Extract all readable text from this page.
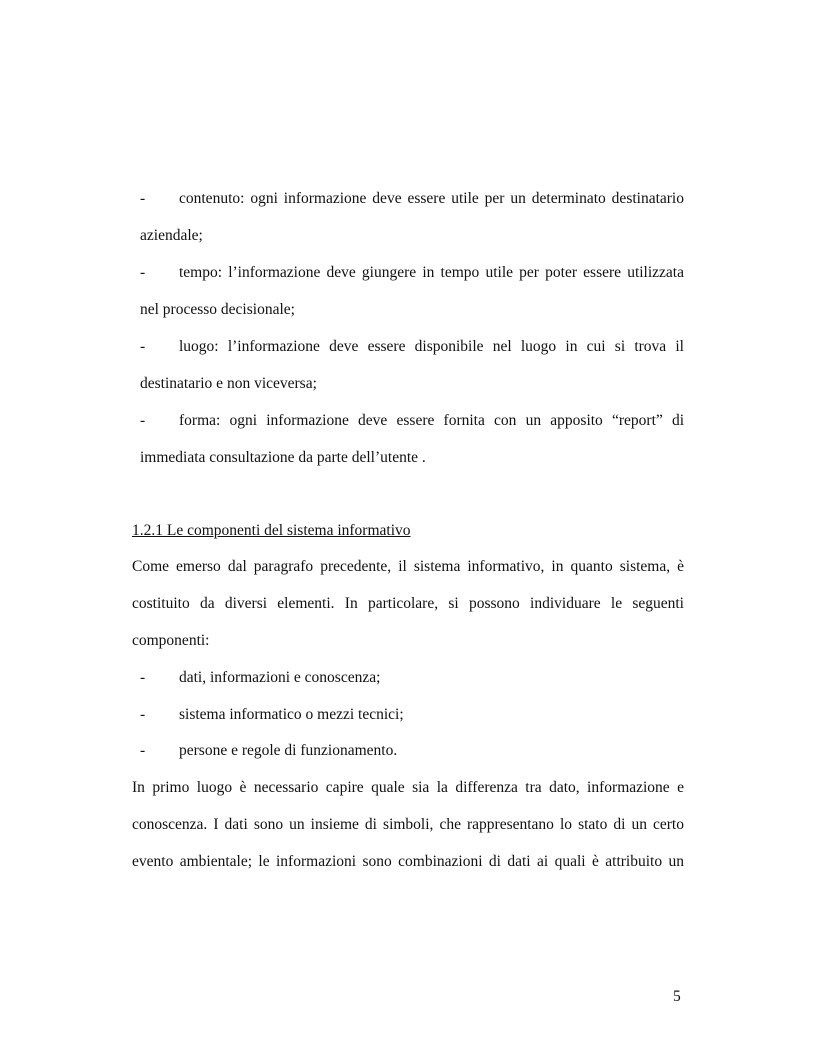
-	contenuto: ogni informazione deve essere utile per un determinato destinatario
aziendale;
-	tempo: l’informazione deve giungere in tempo utile per poter essere utilizzata
nel processo decisionale;
-	luogo: l’informazione deve essere disponibile nel luogo in cui si trova il
destinatario e non viceversa;
-	forma: ogni informazione deve essere fornita con un apposito “report” di
immediata consultazione da parte dell’utente .
1.2.1 Le componenti del sistema informativo
Come emerso dal paragrafo precedente, il sistema informativo, in quanto sistema, è
costituito da diversi elementi. In particolare, si possono individuare le seguenti
componenti:
- dati, informazioni e conoscenza;
- sistema informatico o mezzi tecnici;
- persone e regole di funzionamento.
In primo luogo è necessario capire quale sia la differenza tra dato, informazione e
conoscenza. I dati sono un insieme di simboli, che rappresentano lo stato di un certo
evento ambientale; le informazioni sono combinazioni di dati ai quali è attribuito un
5
